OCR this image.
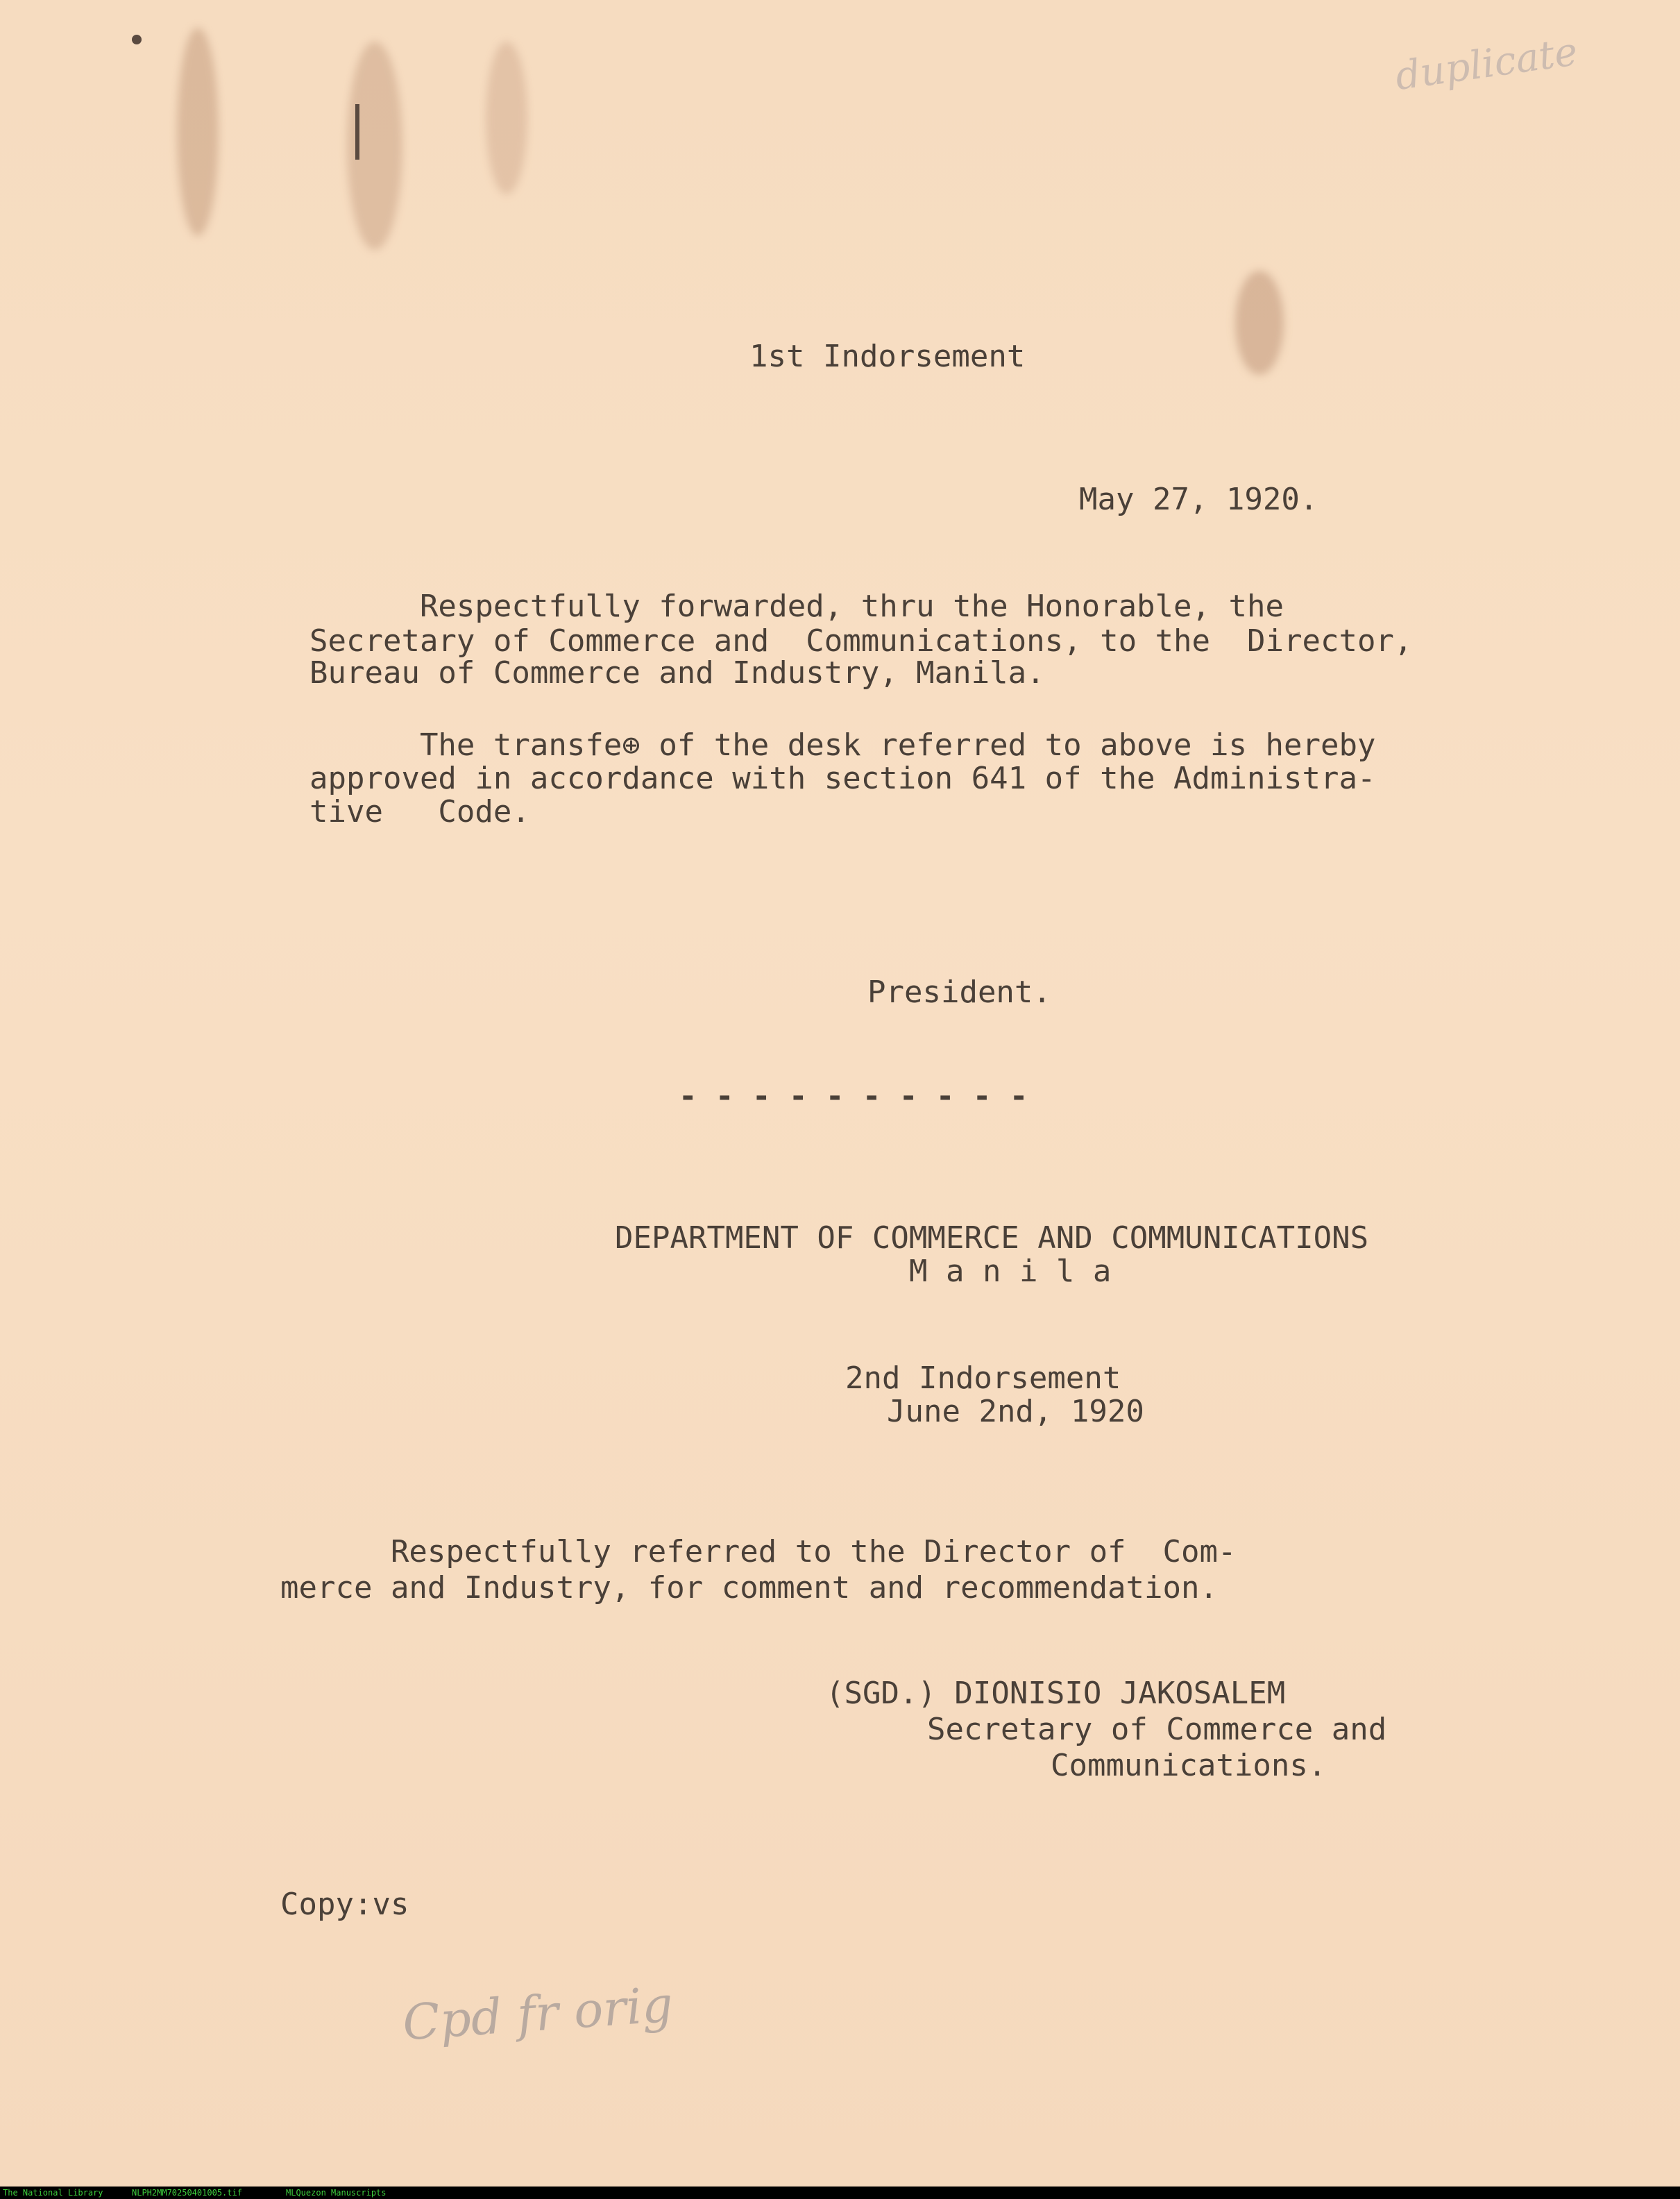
duplicate
1st Indorsement
May 27, 1920.
Respectfully forwarded, thru the Honorable, the
Secretary of Commerce and  Communications, to the  Director,
Bureau of Commerce and Industry, Manila.
The transfe⊕ of the desk referred to above is hereby
approved in accordance with section 641 of the Administra-
tive   Code.
President.
- - - - - - - - - -
DEPARTMENT OF COMMERCE AND COMMUNICATIONS
M a n i l a
2nd Indorsement
June 2nd, 1920
Respectfully referred to the Director of  Com-
merce and Industry, for comment and recommendation.
(SGD.) DIONISIO JAKOSALEM
Secretary of Commerce and
Communications.
Copy:vs
Cpd fr orig
The National Library	NLPH2MM70250401005.tif	MLQuezon Manuscripts
